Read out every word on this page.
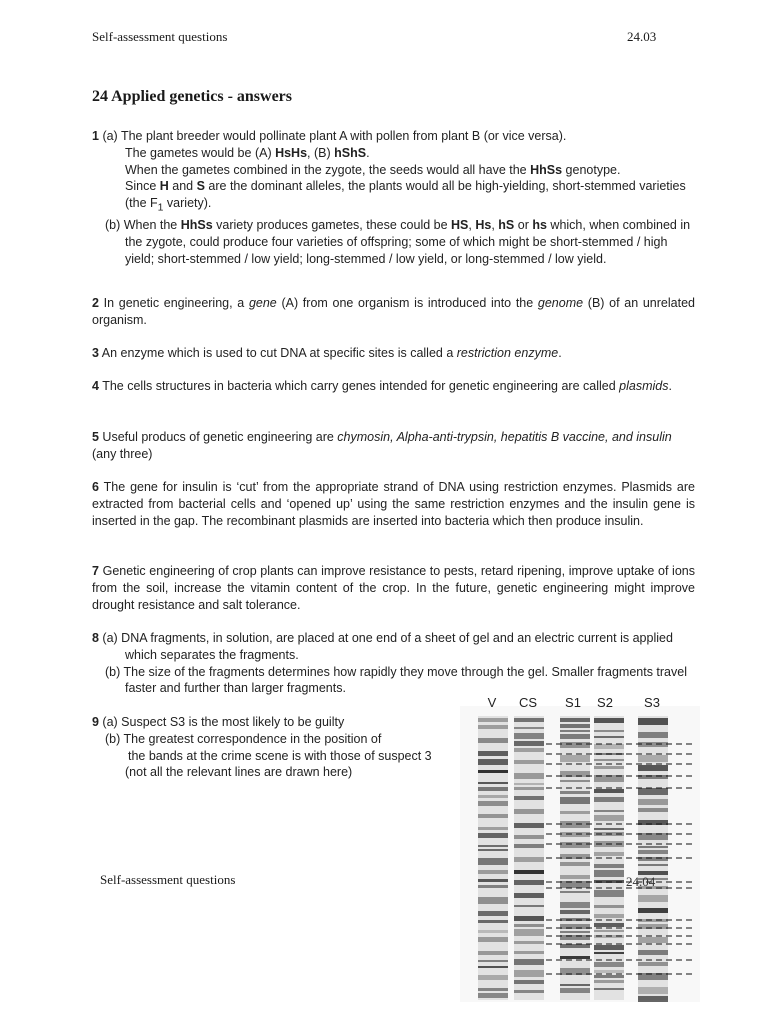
Self-assessment questions	24.03
24 Applied genetics - answers
1 (a) The plant breeder would pollinate plant A with pollen from plant B (or vice versa).
The gametes would be (A) HsHs, (B) hShS.
When the gametes combined in the zygote, the seeds would all have the HhSs genotype.
Since H and S are the dominant alleles, the plants would all be high-yielding, short-stemmed varieties (the $F_1$ variety).
(b) When the HhSs variety produces gametes, these could be HS, Hs, hS or hs which, when combined in the zygote, could produce four varieties of offspring; some of which might be short-stemmed / high yield; short-stemmed / low yield; long-stemmed / low yield, or long-stemmed / low yield.
2 In genetic engineering, a gene (A) from one organism is introduced into the genome (B) of an unrelated organism.
3 An enzyme which is used to cut DNA at specific sites is called a restriction enzyme.
4 The cells structures in bacteria which carry genes intended for genetic engineering are called plasmids.
5 Useful producs of genetic engineering are chymosin, Alpha-anti-trypsin, hepatitis B vaccine, and insulin (any three)
6 The gene for insulin is ‘cut’ from the appropriate strand of DNA using restriction enzymes. Plasmids are extracted from bacterial cells and ‘opened up’ using the same restriction enzymes and the insulin gene is inserted in the gap. The recombinant plasmids are inserted into bacteria which then produce insulin.
7 Genetic engineering of crop plants can improve resistance to pests, retard ripening, improve uptake of ions from the soil, increase the vitamin content of the crop. In the future, genetic engineering might improve drought resistance and salt tolerance.
8 (a) DNA fragments, in solution, are placed at one end of a sheet of gel and an electric current is applied which separates the fragments.
(b) The size of the fragments determines how rapidly they move through the gel. Smaller fragments travel faster and further than larger fragments.
9 (a) Suspect S3 is the most likely to be guilty
(b) The greatest correspondence in the position of
the bands at the crime scene is with those of suspect 3
(not all the relevant lines are drawn here)
V CS S1 S2 S3
Self-assessment questions	24.04
